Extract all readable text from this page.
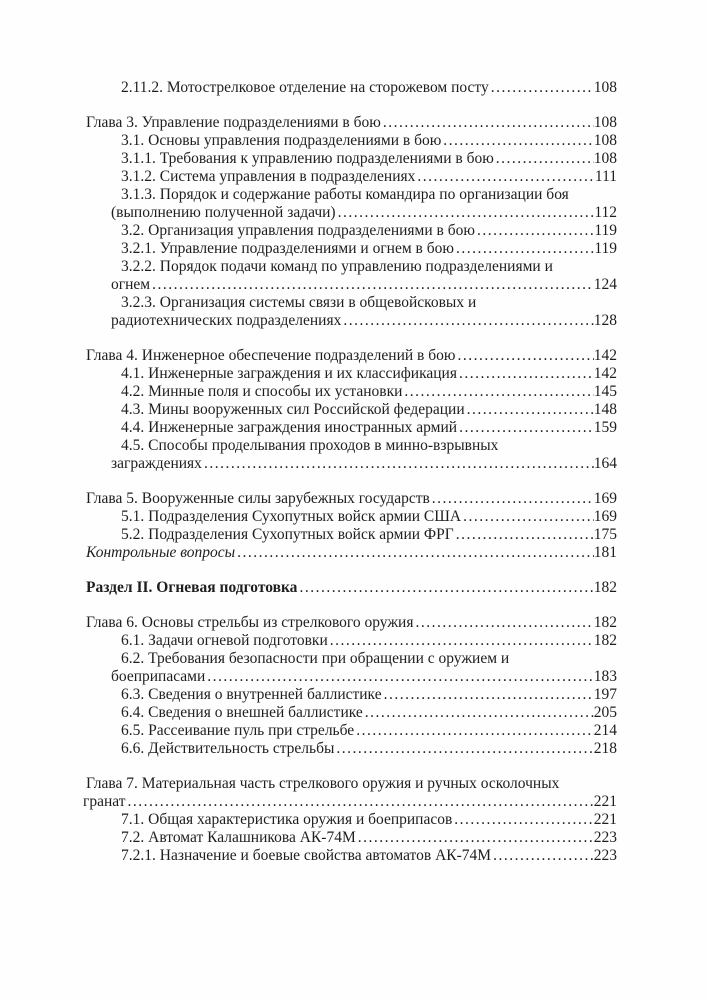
2.11.2. Мотострелковое отделение на сторожевом посту .....	108
Глава 3. Управление подразделениями в бою .....	108
3.1. Основы управления подразделениями в бою .....	108
3.1.1. Требования к управлению подразделениями в бою .....	108
3.1.2. Система управления в подразделениях .....	111
3.1.3. Порядок и содержание работы командира по организации боя
(выполнению полученной задачи) .....	112
3.2. Организация управления подразделениями в бою .....	119
3.2.1. Управление подразделениями и огнем в бою .....	119
3.2.2. Порядок подачи команд по управлению подразделениями и
огнем .....	124
3.2.3. Организация системы связи в общевойсковых и
радиотехнических подразделениях .....	128
Глава 4. Инженерное обеспечение подразделений в бою .....	142
4.1. Инженерные заграждения и их классификация .....	142
4.2. Минные поля и способы их установки .....	145
4.3. Мины вооруженных сил Российской федерации .....	148
4.4. Инженерные заграждения иностранных армий .....	159
4.5. Способы проделывания проходов в минно-взрывных
заграждениях .....	164
Глава 5. Вооруженные силы зарубежных государств .....	169
5.1. Подразделения Сухопутных войск армии США .....	169
5.2. Подразделения Сухопутных войск армии ФРГ .....	175
Контрольные вопросы .....	181
Раздел II. Огневая подготовка .....	182
Глава 6. Основы стрельбы из стрелкового оружия .....	182
6.1. Задачи огневой подготовки .....	182
6.2. Требования безопасности при обращении с оружием и
боеприпасами .....	183
6.3. Сведения о внутренней баллистике .....	197
6.4. Сведения о внешней баллистике .....	205
6.5. Рассеивание пуль при стрельбе .....	214
6.6. Действительность стрельбы .....	218
Глава 7. Материальная часть стрелкового оружия и ручных осколочных
гранат .....	221
7.1. Общая характеристика оружия и боеприпасов .....	221
7.2. Автомат Калашникова АК-74М .....	223
7.2.1. Назначение и боевые свойства автоматов АК-74М .....	223
